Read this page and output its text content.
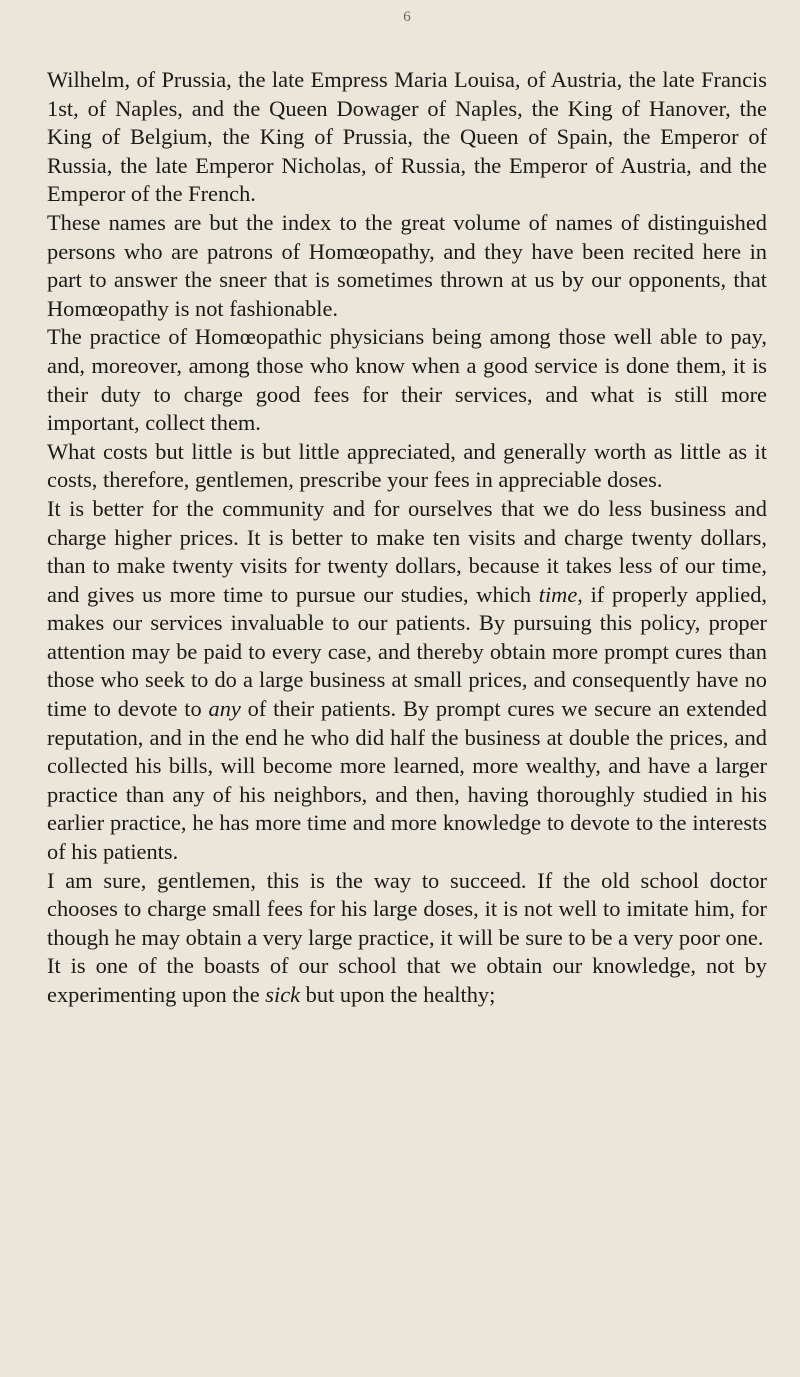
6

Wilhelm, of Prussia, the late Empress Maria Louisa, of Austria, the late Francis 1st, of Naples, and the Queen Dowager of Naples, the King of Hanover, the King of Belgium, the King of Prussia, the Queen of Spain, the Emperor of Russia, the late Emperor Nicholas, of Russia, the Emperor of Austria, and the Emperor of the French.

These names are but the index to the great volume of names of distinguished persons who are patrons of Homœopathy, and they have been recited here in part to answer the sneer that is sometimes thrown at us by our opponents, that Homœopathy is not fashionable.

The practice of Homœopathic physicians being among those well able to pay, and, moreover, among those who know when a good service is done them, it is their duty to charge good fees for their services, and what is still more important, collect them.

What costs but little is but little appreciated, and generally worth as little as it costs, therefore, gentlemen, prescribe your fees in appreciable doses.

It is better for the community and for ourselves that we do less business and charge higher prices. It is better to make ten visits and charge twenty dollars, than to make twenty visits for twenty dollars, because it takes less of our time, and gives us more time to pursue our studies, which time, if properly applied, makes our services invaluable to our patients. By pursuing this policy, proper attention may be paid to every case, and thereby obtain more prompt cures than those who seek to do a large business at small prices, and consequently have no time to devote to any of their patients. By prompt cures we secure an extended reputation, and in the end he who did half the business at double the prices, and collected his bills, will become more learned, more wealthy, and have a larger practice than any of his neighbors, and then, having thoroughly studied in his earlier practice, he has more time and more knowledge to devote to the interests of his patients.

I am sure, gentlemen, this is the way to succeed. If the old school doctor chooses to charge small fees for his large doses, it is not well to imitate him, for though he may obtain a very large practice, it will be sure to be a very poor one.

It is one of the boasts of our school that we obtain our knowledge, not by experimenting upon the sick but upon the healthy;
